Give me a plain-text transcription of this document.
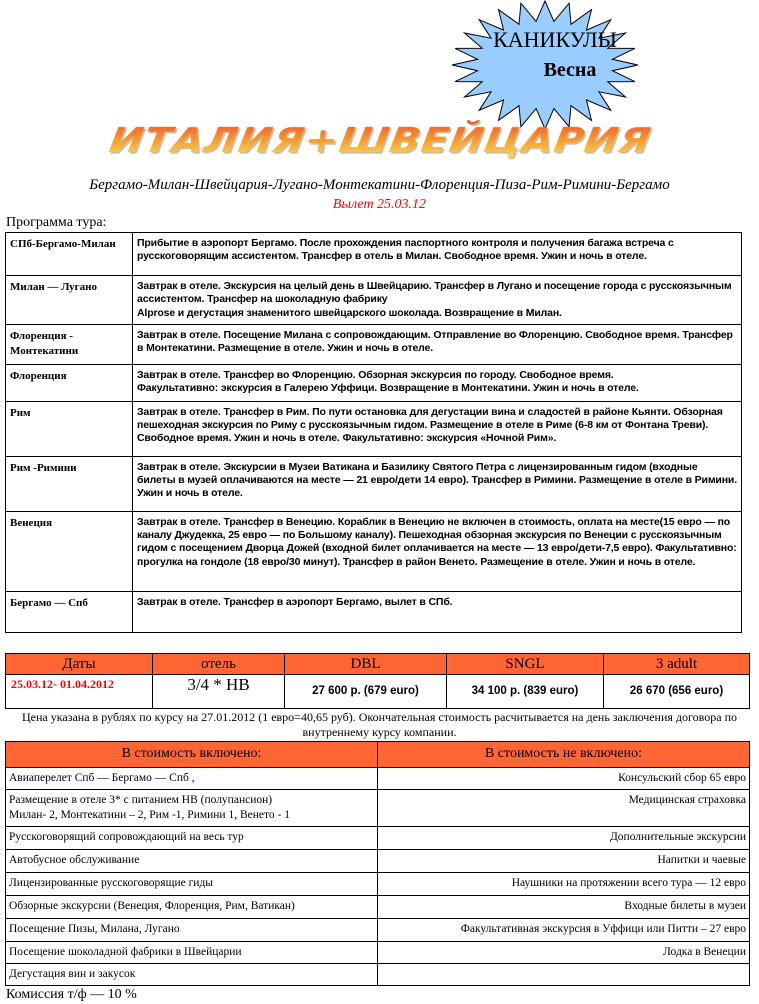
КАНИКУЛЫ
Весна
ИТАЛИЯ+ШВЕЙЦАРИЯ
Бергамо-Милан-Швейцария-Лугано-Монтекатини-Флоренция-Пиза-Рим-Римини-Бергамо
Вылет 25.03.12
Программа тура:
СПб-Бергамо-Милан	Прибытие в аэропорт Бергамо. После прохождения паспортного контроля и получения багажа встреча с русскоговорящим ассистентом. Трансфер в отель в Милан. Свободное время. Ужин и ночь в отеле.
Милан — Лугано	Завтрак в отеле. Экскурсия на целый день в Швейцарию. Трансфер в Лугано и посещение города с русскоязычным ассистентом. Трансфер на шоколадную фабрику
Alprose и дегустация знаменитого швейцарского шоколада. Возвращение в Милан.
Флоренция - Монтекатини	Завтрак в отеле. Посещение Милана с сопровождающим. Отправление во Флоренцию. Свободное время. Трансфер в Монтекатини. Размещение в отеле. Ужин и ночь в отеле.
Флоренция	Завтрак в отеле. Трансфер во Флоренцию. Обзорная экскурсия по городу. Свободное время.
Факультативно: экскурсия в Галерею Уффици. Возвращение в Монтекатини. Ужин и ночь в отеле.
Рим	Завтрак в отеле. Трансфер в Рим. По пути остановка для дегустации вина и сладостей в районе Кьянти. Обзорная пешеходная экскурсия по Риму с русскоязычным гидом. Размещение в отеле в Риме (6-8 км от Фонтана Треви). Свободное время. Ужин и ночь в отеле. Факультативно: экскурсия «Ночной Рим».
Рим -Римини	Завтрак в отеле. Экскурсии в Музеи Ватикана и Базилику Святого Петра с лицензированным гидом (входные билеты в музей оплачиваются на месте — 21 евро/дети 14 евро). Трансфер в Римини. Размещение в отеле в Римини. Ужин и ночь в отеле.
Венеция	Завтрак в отеле. Трансфер в Венецию. Кораблик в Венецию не включен в стоимость, оплата на месте(15 евро — по каналу Джудекка, 25 евро — по Большому каналу). Пешеходная обзорная экскурсия по Венеции с русскоязычным гидом с посещением Дворца Дожей (входной билет оплачивается на месте — 13 евро/дети-7,5 евро). Факультативно: прогулка на гондоле (18 евро/30 минут). Трансфер в район Венето. Размещение в отеле. Ужин и ночь в отеле.
Бергамо — Спб	Завтрак в отеле. Трансфер в аэропорт Бергамо, вылет в СПб.
Даты	отель	DBL	SNGL	3 adult
25.03.12- 01.04.2012	3/4 * HB	27 600 р. (679 euro)	34 100 р. (839 euro)	26 670 (656 euro)
Цена указана в рублях по курсу на 27.01.2012 (1 евро=40,65 руб). Окончательная стоимость расчитывается на день заключения договора по внутреннему курсу компании.
В стоимость включено:	В стоимость не включено:
Авиаперелет Спб — Бергамо — Спб ,	Консульский сбор 65 евро
Размещение в отеле 3* с питанием НВ (полупансион)
Милан- 2, Монтекатини – 2, Рим -1, Римини 1, Венето - 1	Медицинская страховка
Русскоговорящий сопровождающий на весь тур	Дополнительные экскурсии
Автобусное обслуживание	Напитки и чаевые
Лицензированные русскоговорящие гиды	Наушники на протяжении всего тура — 12 евро
Обзорные экскурсии (Венеция, Флоренция, Рим, Ватикан)	Входные билеты в музеи
Посещение Пизы, Милана, Лугано	Факультативная экскурсия в Уффици или Питти – 27 евро
Посещение шоколадной фабрики в Швейцарии	Лодка в Венеции
Дегустация вин и закусок	
Комиссия т/ф — 10 %
